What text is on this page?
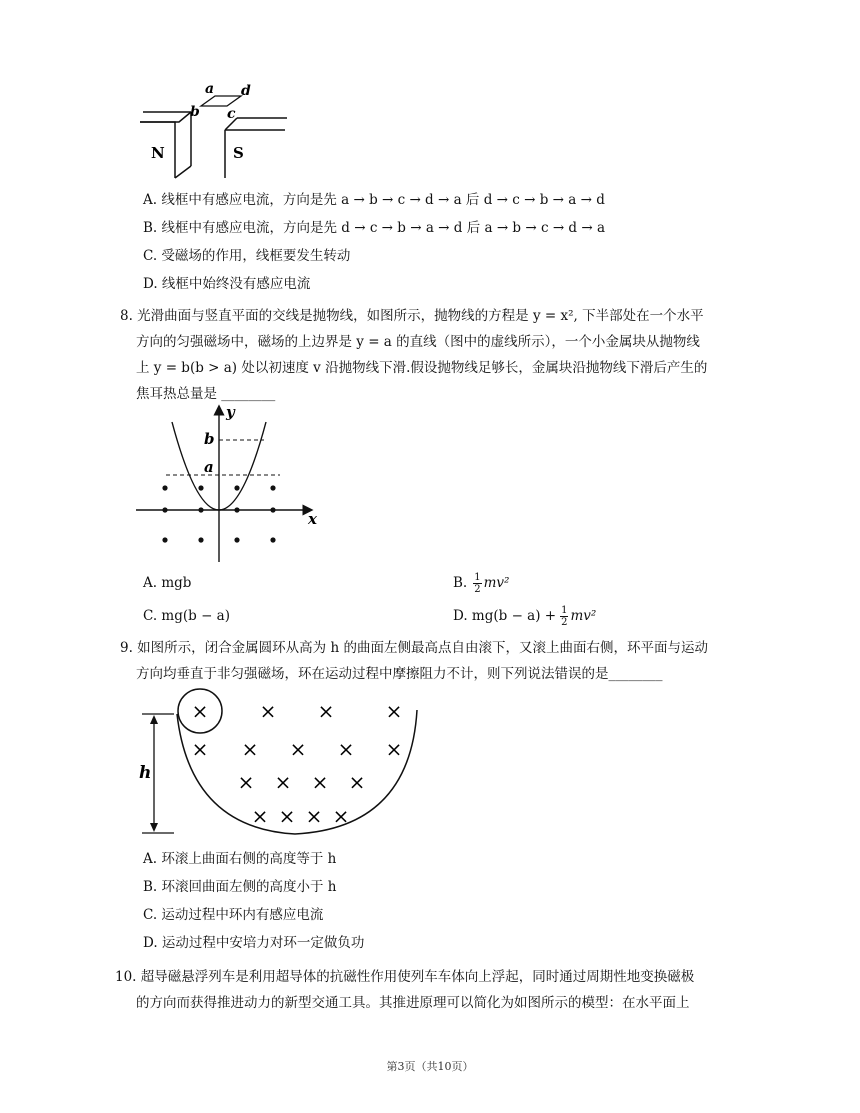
a d
b c
N	S
A. 线框中有感应电流，方向是先 a → b → c → d → a 后 d → c → b → a → d
B. 线框中有感应电流，方向是先 d → c → b → a → d 后 a → b → c → d → a
C. 受磁场的作用，线框要发生转动
D. 线框中始终没有感应电流
8. 光滑曲面与竖直平面的交线是抛物线，如图所示，抛物线的方程是 y = x², 下半部处在一个水平
方向的匀强磁场中，磁场的上边界是 y = a 的直线（图中的虚线所示），一个小金属块从抛物线
上 y = b(b > a) 处以初速度 v 沿抛物线下滑.假设抛物线足够长，金属块沿抛物线下滑后产生的
焦耳热总量是 ________
x
y
b
a
A. mgb	B. $\frac{1}{2} mv^2$
C. mg(b − a)	D. $mg(b - a) + \frac{1}{2} mv^2$
9. 如图所示，闭合金属圆环从高为 h 的曲面左侧最高点自由滚下，又滚上曲面右侧，环平面与运动
方向均垂直于非匀强磁场，环在运动过程中摩擦阻力不计，则下列说法错误的是________
h
×	× ×	×
× × × × ×
× × × ×
× × × ×
A. 环滚上曲面右侧的高度等于 h
B. 环滚回曲面左侧的高度小于 h
C. 运动过程中环内有感应电流
D. 运动过程中安培力对环一定做负功
10. 超导磁悬浮列车是利用超导体的抗磁性作用使列车车体向上浮起，同时通过周期性地变换磁极
的方向而获得推进动力的新型交通工具。其推进原理可以简化为如图所示的模型：在水平面上
第3页（共10页）
